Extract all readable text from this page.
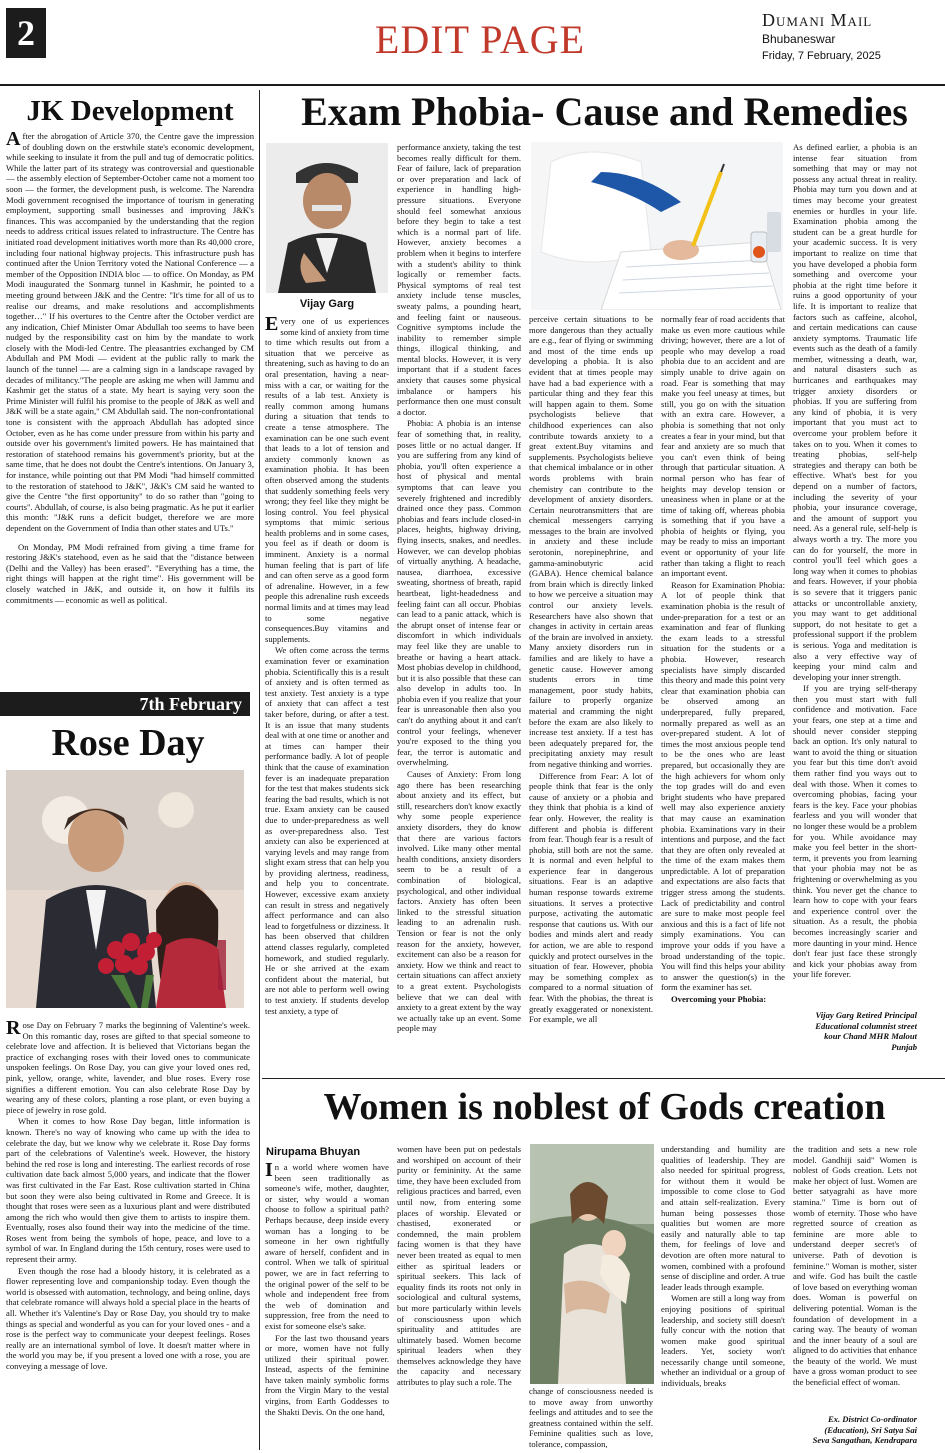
2	EDIT PAGE	Dumani Mail
Bhubaneswar
Friday, 7 February, 2025
JK Development

After the abrogation of Article 370, the Centre gave the impression of doubling down on the erstwhile state's economic development, while seeking to insulate it from the pull and tug of democratic politics. While the latter part of its strategy was controversial and questionable — the assembly election of September-October came not a moment too soon — the former, the development push, is welcome. The Narendra Modi government recognised the importance of tourism in generating employment, supporting small businesses and improving J&K's finances. This was accompanied by the understanding that the region needs to address critical issues related to infrastructure. The Centre has initiated road development initiatives worth more than Rs 40,000 crore, including four national highway projects. This infrastructure push has continued after the Union Territory voted the National Conference — a member of the Opposition INDIA bloc — to office. On Monday, as PM Modi inaugurated the Sonmarg tunnel in Kashmir, he pointed to a meeting ground between J&K and the Centre: "It's time for all of us to realise our dreams, and make resolutions and accomplishments together…" If his overtures to the Centre after the October verdict are any indication, Chief Minister Omar Abdullah too seems to have been nudged by the responsibility cast on him by the mandate to work closely with the Modi-led Centre. The pleasantries exchanged by CM Abdullah and PM Modi — evident at the public rally to mark the launch of the tunnel — are a calming sign in a landscape ravaged by decades of militancy."The people are asking me when will Jammu and Kashmir get the status of a state. My heart is saying very soon the Prime Minister will fulfil his promise to the people of J&K as well and J&K will be a state again," CM Abdullah said. The non-confrontational tone is consistent with the approach Abdullah has adopted since October, even as he has come under pressure from within his party and outside over his government's limited powers. He has maintained that restoration of statehood remains his government's priority, but at the same time, that he does not doubt the Centre's intentions. On January 3, for instance, while pointing out that PM Modi "had himself committed to the restoration of statehood to J&K", J&K's CM said he wanted to give the Centre "the first opportunity" to do so rather than "going to courts". Abdullah, of course, is also being pragmatic. As he put it earlier this month: "J&K runs a deficit budget, therefore we are more dependent on the Government of India than other states and UTs."

On Monday, PM Modi refrained from giving a time frame for restoring J&K's statehood, even as he said that the "distance between (Delhi and the Valley) has been erased". "Everything has a time, the right things will happen at the right time". His government will be closely watched in J&K, and outside it, on how it fulfils its commitments — economic as well as political.

7th February
Rose Day

Rose Day on February 7 marks the beginning of Valentine's week. On this romantic day, roses are gifted to that special someone to celebrate love and affection. It is believed that Victorians began the practice of exchanging roses with their loved ones to communicate unspoken feelings. On Rose Day, you can give your loved ones red, pink, yellow, orange, white, lavender, and blue roses. Every rose signifies a different emotion. You can also celebrate Rose Day by wearing any of these colors, planting a rose plant, or even buying a piece of jewelry in rose gold.

When it comes to how Rose Day began, little information is known. There's no way of knowing who came up with the idea to celebrate the day, but we know why we celebrate it. Rose Day forms part of the celebrations of Valentine's week. However, the history behind the red rose is long and interesting. The earliest records of rose cultivation date back almost 5,000 years, and indicate that the flower was first cultivated in the Far East. Rose cultivation started in China but soon they were also being cultivated in Rome and Greece. It is thought that roses were seen as a luxurious plant and were distributed among the rich who would then give them to artists to inspire them. Eventually, roses also found their way into the medicine of the time. Roses went from being the symbols of hope, peace, and love to a symbol of war. In England during the 15th century, roses were used to represent their army.

Even though the rose had a bloody history, it is celebrated as a flower representing love and companionship today. Even though the world is obsessed with automation, technology, and being online, days that celebrate romance will always hold a special place in the hearts of all. Whether it's Valentine's Day or Rose Day, you should try to make things as special and wonderful as you can for your loved ones - and a rose is the perfect way to communicate your deepest feelings. Roses really are an international symbol of love. It doesn't matter where in the world you may be, if you present a loved one with a rose, you are conveying a message of love.

Exam Phobia- Cause and Remedies
Vijay Garg

Every one of us experiences some kind of anxiety from time to time which results out from a situation that we perceive as threatening, such as having to do an oral presentation, having a near-miss with a car, or waiting for the results of a lab test. Anxiety is really common among humans during a situation that tends to create a tense atmosphere. The examination can be one such event that leads to a lot of tension and anxiety commonly known as examination phobia. It has been often observed among the students that suddenly something feels very wrong; they feel like they might be losing control. You feel physical symptoms that mimic serious health problems and in some cases, you feel as if death or doom is imminent. Anxiety is a normal human feeling that is part of life and can often serve as a good form of adrenaline. However, in a few people this adrenaline rush exceeds normal limits and at times may lead to some negative consequences.Buy vitamins and supplements.

We often come across the terms examination fever or examination phobia. Scientifically this is a result of anxiety and is often termed as test anxiety. Test anxiety is a type of anxiety that can affect a test taker before, during, or after a test. It is an issue that many students deal with at one time or another and at times can hamper their performance badly. A lot of people think that the cause of examination fever is an inadequate preparation for the test that makes students sick fearing the bad results, which is not true. Exam anxiety can be caused due to under-preparedness as well as over-preparedness also. Test anxiety can also be experienced at varying levels and may range from slight exam stress that can help you by providing alertness, readiness, and help you to concentrate. However, excessive exam anxiety can result in stress and negatively affect performance and can also lead to forgetfulness or dizziness. It has been observed that children attend classes regularly, completed homework, and studied regularly. He or she arrived at the exam confident about the material, but are not able to perform well owing to test anxiety. If students develop test anxiety, a type of

performance anxiety, taking the test becomes really difficult for them. Fear of failure, lack of preparation or over preparation and lack of experience in handling high-pressure situations. Everyone should feel somewhat anxious before they begin to take a test which is a normal part of life. However, anxiety becomes a problem when it begins to interfere with a student's ability to think logically or remember facts. Physical symptoms of real test anxiety include tense muscles, sweaty palms, a pounding heart, and feeling faint or nauseous. Cognitive symptoms include the inability to remember simple things, illogical thinking, and mental blocks. However, it is very important that if a student faces anxiety that causes some physical imbalance or hampers his performance then one must consult a doctor.

Phobia: A phobia is an intense fear of something that, in reality, poses little or no actual danger. If you are suffering from any kind of phobia, you'll often experience a host of physical and mental symptoms that can leave you severely frightened and incredibly drained once they pass. Common phobias and fears include closed-in places, heights, highway driving, flying insects, snakes, and needles. However, we can develop phobias of virtually anything. A headache, nausea, diarrhoea, excessive sweating, shortness of breath, rapid heartbeat, light-headedness and feeling faint can all occur. Phobias can lead to a panic attack, which is the abrupt onset of intense fear or discomfort in which individuals may feel like they are unable to breathe or having a heart attack. Most phobias develop in childhood, but it is also possible that these can also develop in adults too. In phobia even if you realize that your fear is unreasonable then also you can't do anything about it and can't control your feelings, whenever you're exposed to the thing you fear, the terror is automatic and overwhelming.

Causes of Anxiety: From long ago there has been researching about anxiety and its effect, but still, researchers don't know exactly why some people experience anxiety disorders, they do know that there are various factors involved. Like many other mental health conditions, anxiety disorders seem to be a result of a combination of biological, psychological, and other individual factors. Anxiety has often been linked to the stressful situation leading to an adrenalin rush. Tension or fear is not the only reason for the anxiety, however, excitement can also be a reason for anxiety. How we think and react to certain situations can affect anxiety to a great extent. Psychologists believe that we can deal with anxiety to a great extent by the way we actually take up an event. Some people may

perceive certain situations to be more dangerous than they actually are e.g., fear of flying or swimming and most of the time ends up developing a phobia. It is also evident that at times people may have had a bad experience with a particular thing and they fear this will happen again to them. Some psychologists believe that childhood experiences can also contribute towards anxiety to a great extent.Buy vitamins and supplements. Psychologists believe that chemical imbalance or in other words problems with brain chemistry can contribute to the development of anxiety disorders. Certain neurotransmitters that are chemical messengers carrying messages to the brain are involved in anxiety and these include serotonin, norepinephrine, and gamma-aminobutyric acid (GABA). Hence chemical balance from brain which is directly linked to how we perceive a situation may control our anxiety levels. Researchers have also shown that changes in activity in certain areas of the brain are involved in anxiety. Many anxiety disorders run in families and are likely to have a genetic cause. However among students errors in time management, poor study habits, failure to properly organize material and cramming the night before the exam are also likely to increase test anxiety. If a test has been adequately prepared for, the precipitating anxiety may result from negative thinking and worries.

Difference from Fear: A lot of people think that fear is the only cause of anxiety or a phobia and they think that phobia is a kind of fear only. However, the reality is different and phobia is different from fear. Though fear is a result of phobia, still both are not the same. It is normal and even helpful to experience fear in dangerous situations. Fear is an adaptive human response towards extreme situations. It serves a protective purpose, activating the automatic response that cautions us. With our bodies and minds alert and ready for action, we are able to respond quickly and protect ourselves in the situation of fear. However, phobia may be something complex as compared to a normal situation of fear. With the phobias, the threat is greatly exaggerated or nonexistent. For example, we all

normally fear of road accidents that make us even more cautious while driving; however, there are a lot of people who may develop a road phobia due to an accident and are simply unable to drive again on road. Fear is something that may make you feel uneasy at times, but still, you go on with the situation with an extra care. However, a phobia is something that not only creates a fear in your mind, but that fear and anxiety are so much that you can't even think of being through that particular situation. A normal person who has fear of heights may develop tension or uneasiness when in plane or at the time of taking off, whereas phobia is something that if you have a phobia of heights or flying, you may be ready to miss an important event or opportunity of your life rather than taking a flight to reach an important event.

Reason for Examination Phobia: A lot of people think that examination phobia is the result of under-preparation for a test or an examination and fear of flunking the exam leads to a stressful situation for the students or a phobia. However, research specialists have simply discarded this theory and made this point very clear that examination phobia can be observed among an underprepared, fully prepared, normally prepared as well as an over-prepared student. A lot of times the most anxious people tend to be the ones who are least prepared, but occasionally they are the high achievers for whom only the top grades will do and even bright students who have prepared well may also experience anxiety that may cause an examination phobia. Examinations vary in their intentions and purpose, and the fact that they are often only revealed at the time of the exam makes them unpredictable. A lot of preparation and expectations are also facts that trigger stress among the students. Lack of predictability and control are sure to make most people feel anxious and this is a fact of life not simply examinations. You can improve your odds if you have a broad understanding of the topic. You will find this helps your ability to answer the question(s) in the form the examiner has set.

Overcoming your Phobia:

As defined earlier, a phobia is an intense fear situation from something that may or may not possess any actual threat in reality. Phobia may turn you down and at times may become your greatest enemies or hurdles in your life. Examination phobia among the student can be a great hurdle for your academic success. It is very important to realize on time that you have developed a phobia form something and overcome your phobia at the right time before it ruins a good opportunity of your life. It is important to realize that factors such as caffeine, alcohol, and certain medications can cause anxiety symptoms. Traumatic life events such as the death of a family member, witnessing a death, war, and natural disasters such as hurricanes and earthquakes may trigger anxiety disorders or phobias. If you are suffering from any kind of phobia, it is very important that you must act to overcome your problem before it takes on to you. When it comes to treating phobias, self-help strategies and therapy can both be effective. What's best for you depend on a number of factors, including the severity of your phobia, your insurance coverage, and the amount of support you need. As a general rule, self-help is always worth a try. The more you can do for yourself, the more in control you'll feel which goes a long way when it comes to phobias and fears. However, if your phobia is so severe that it triggers panic attacks or uncontrollable anxiety, you may want to get additional support, do not hesitate to get a professional support if the problem is serious. Yoga and meditation is also a very effective way of keeping your mind calm and developing your inner strength.

If you are trying self-therapy then you must start with full confidence and motivation. Face your fears, one step at a time and should never consider stepping back an option. It's only natural to want to avoid the thing or situation you fear but this time don't avoid them rather find you ways out to deal with those. When it comes to overcoming phobias, facing your fears is the key. Face your phobias fearless and you will wonder that no longer these would be a problem for you. While avoidance may make you feel better in the short-term, it prevents you from learning that your phobia may not be as frightening or overwhelming as you think. You never get the chance to learn how to cope with your fears and experience control over the situation. As a result, the phobia becomes increasingly scarier and more daunting in your mind. Hence don't fear just face these strongly and kick your phobias away from your life forever.

Vijay Garg Retired Principal
Educational columnist street
kour Chand MHR Malout
Punjab
Women is noblest of Gods creation
Nirupama Bhuyan

In a world where women have been seen traditionally as someone's wife, mother, daughter, or sister, why would a woman choose to follow a spiritual path? Perhaps because, deep inside every woman has a longing to be someone in her own rightfully aware of herself, confident and in control. When we talk of spiritual power, we are in fact referring to the original power of the self to be whole and independent free from the web of domination and suppression, free from the need to exist for someone else's sake.

For the last two thousand years or more, women have not fully utilized their spiritual power. Instead, aspects of the feminine have taken mainly symbolic forms from the Virgin Mary to the vestal virgins, from Earth Goddesses to the Shakti Devis. On the one hand,

women have been put on pedestals and worshiped on account of their purity or femininity. At the same time, they have been excluded from religious practices and barred, even until now, from entering some places of worship. Elevated or chastised, exonerated or condemned, the main problem facing women is that they have never been treated as equal to men either as spiritual leaders or spiritual seekers. This lack of equality finds its roots not only in sociological and cultural systems, but more particularly within levels of consciousness upon which spirituality and attitudes are ultimately based. Women become spiritual leaders when they themselves acknowledge they have the capacity and necessary attributes to play such a role. The

change of consciousness needed is to move away from unworthy feelings and attitudes and to see the greatness contained within the self. Feminine qualities such as love, tolerance, compassion,

understanding and humility are qualities of leadership. They are also needed for spiritual progress, for without them it would be impossible to come close to God and attain self-realization. Every human being possesses those qualities but women are more easily and naturally able to tap them, for feelings of love and devotion are often more natural to women, combined with a profound sense of discipline and order. A true leader leads through example.

Women are still a long way from enjoying positions of spiritual leadership, and society still doesn't fully concur with the notion that women make good spiritual leaders. Yet, society won't necessarily change until someone, whether an individual or a group of individuals, breaks

the tradition and sets a new role model. Gandhiji said" Women is noblest of Gods creation. Lets not make her object of lust. Women are better satyagrahi as have more stamina." Time is born out of womb of eternity. Those who have regretted source of creation as feminine are more able to understand deeper secret's of universe. Path of devotion is feminine." Woman is mother, sister and wife. God has built the castle of love based on everything woman does. Woman is powerful on delivering potential. Woman is the foundation of development in a caring way. The beauty of woman and the inner beauty of a soul are aligned to do activities that enhance the beauty of the world. We must have a gross woman product to see the beneficial effect of woman.

Ex. District Co-ordinator
(Education), Sri Satya Sai
Seva Sangathan, Kendrapara
